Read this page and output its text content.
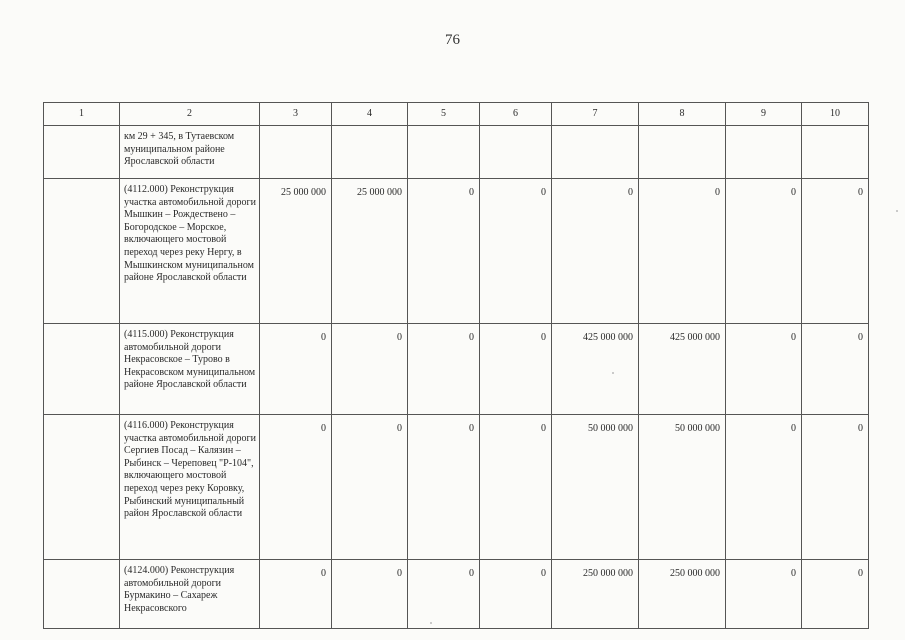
76
1	2	3	4	5	6	7	8	9	10
	км 29 + 345, в Тутаевском муниципальном районе Ярославской области								
	(4112.000) Реконструкция участка автомобильной дороги Мышкин – Рождествено – Богородское – Морское, включающего мостовой переход через реку Нергу, в Мышкинском муниципальном районе Ярославской области	25 000 000	25 000 000	0	0	0	0	0	0
	(4115.000) Реконструкция автомобильной дороги Некрасовское – Турово в Некрасовском муниципальном районе Ярославской области	0	0	0	0	425 000 000	425 000 000	0	0
	(4116.000) Реконструкция участка автомобильной дороги Сергиев Посад – Калязин – Рыбинск – Череповец "Р-104", включающего мостовой переход через реку Коровку, Рыбинский муниципальный район Ярославской области	0	0	0	0	50 000 000	50 000 000	0	0
	(4124.000) Реконструкция автомобильной дороги Бурмакино – Сахареж Некрасовского	0	0	0	0	250 000 000	250 000 000	0	0
